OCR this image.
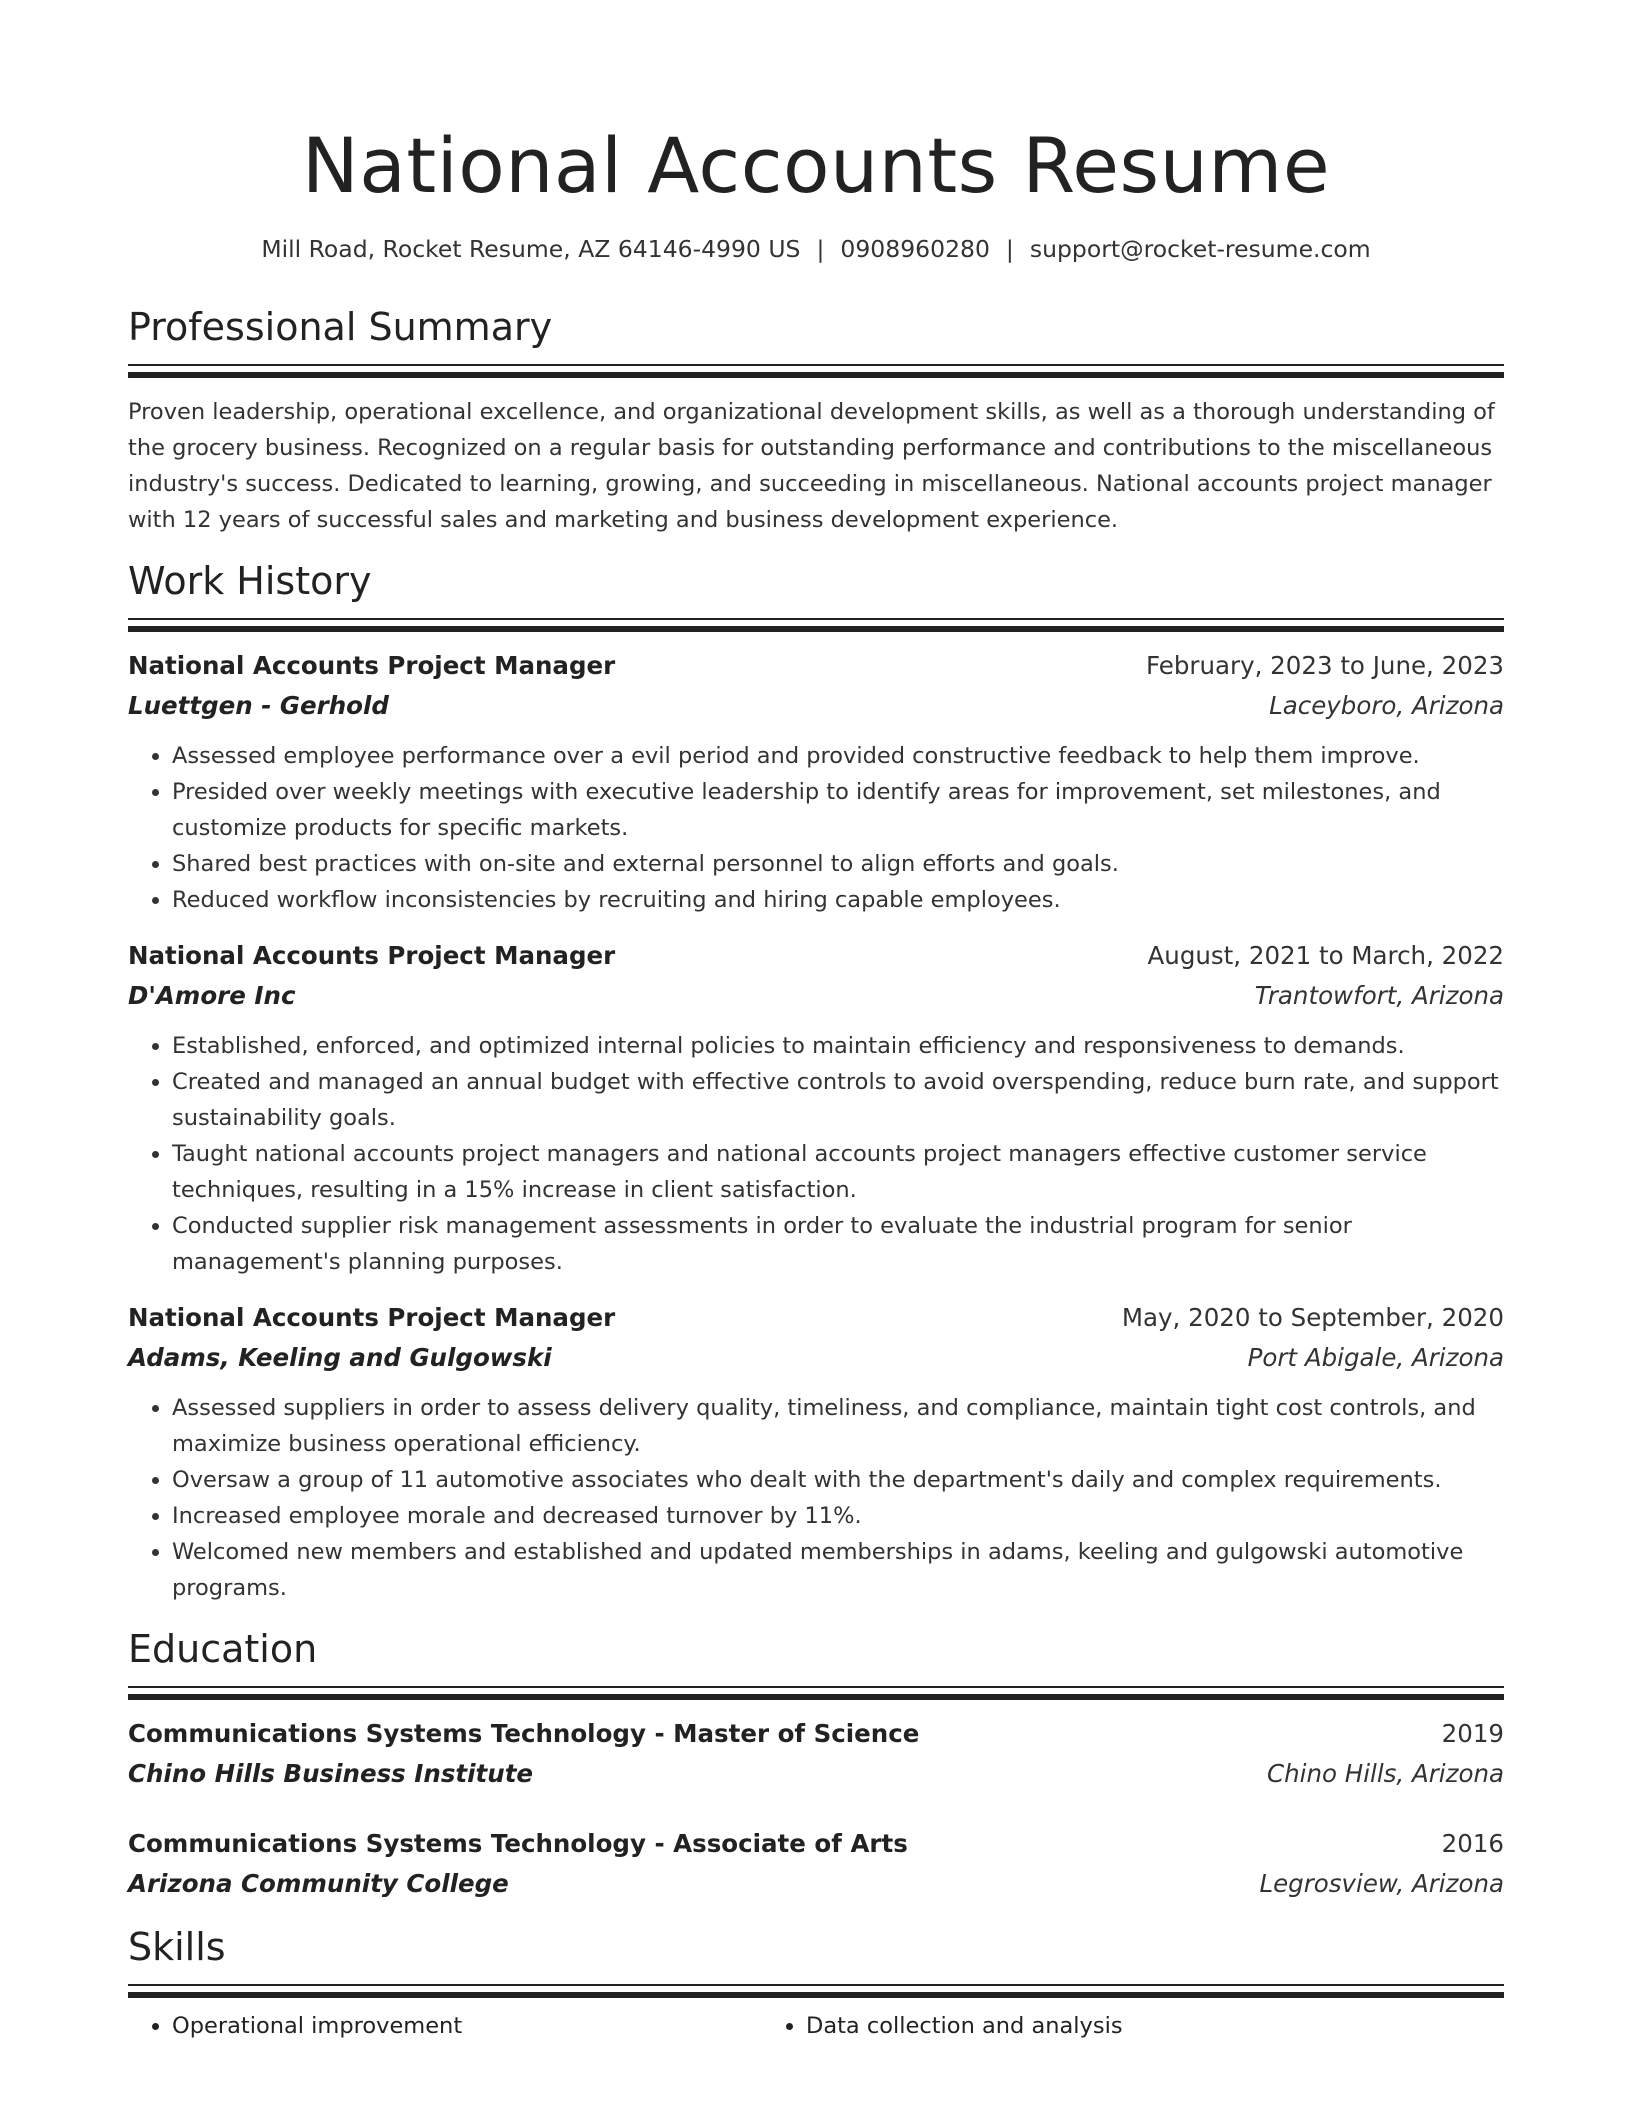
National Accounts Resume
Mill Road, Rocket Resume, AZ 64146-4990 US | 0908960280 | support@rocket-resume.com
Professional Summary
Proven leadership, operational excellence, and organizational development skills, as well as a thorough understanding of the grocery business. Recognized on a regular basis for outstanding performance and contributions to the miscellaneous industry's success. Dedicated to learning, growing, and succeeding in miscellaneous. National accounts project manager with 12 years of successful sales and marketing and business development experience.
Work History
National Accounts Project Manager	February, 2023 to June, 2023
Luettgen - Gerhold	Laceyboro, Arizona
• Assessed employee performance over a evil period and provided constructive feedback to help them improve.
• Presided over weekly meetings with executive leadership to identify areas for improvement, set milestones, and customize products for specific markets.
• Shared best practices with on-site and external personnel to align efforts and goals.
• Reduced workflow inconsistencies by recruiting and hiring capable employees.
National Accounts Project Manager	August, 2021 to March, 2022
D'Amore Inc	Trantowfort, Arizona
• Established, enforced, and optimized internal policies to maintain efficiency and responsiveness to demands.
• Created and managed an annual budget with effective controls to avoid overspending, reduce burn rate, and support sustainability goals.
• Taught national accounts project managers and national accounts project managers effective customer service techniques, resulting in a 15% increase in client satisfaction.
• Conducted supplier risk management assessments in order to evaluate the industrial program for senior management's planning purposes.
National Accounts Project Manager	May, 2020 to September, 2020
Adams, Keeling and Gulgowski	Port Abigale, Arizona
• Assessed suppliers in order to assess delivery quality, timeliness, and compliance, maintain tight cost controls, and maximize business operational efficiency.
• Oversaw a group of 11 automotive associates who dealt with the department's daily and complex requirements.
• Increased employee morale and decreased turnover by 11%.
• Welcomed new members and established and updated memberships in adams, keeling and gulgowski automotive programs.
Education
Communications Systems Technology - Master of Science	2019
Chino Hills Business Institute	Chino Hills, Arizona
Communications Systems Technology - Associate of Arts	2016
Arizona Community College	Legrosview, Arizona
Skills
• Operational improvement
•	Data collection and analysis
